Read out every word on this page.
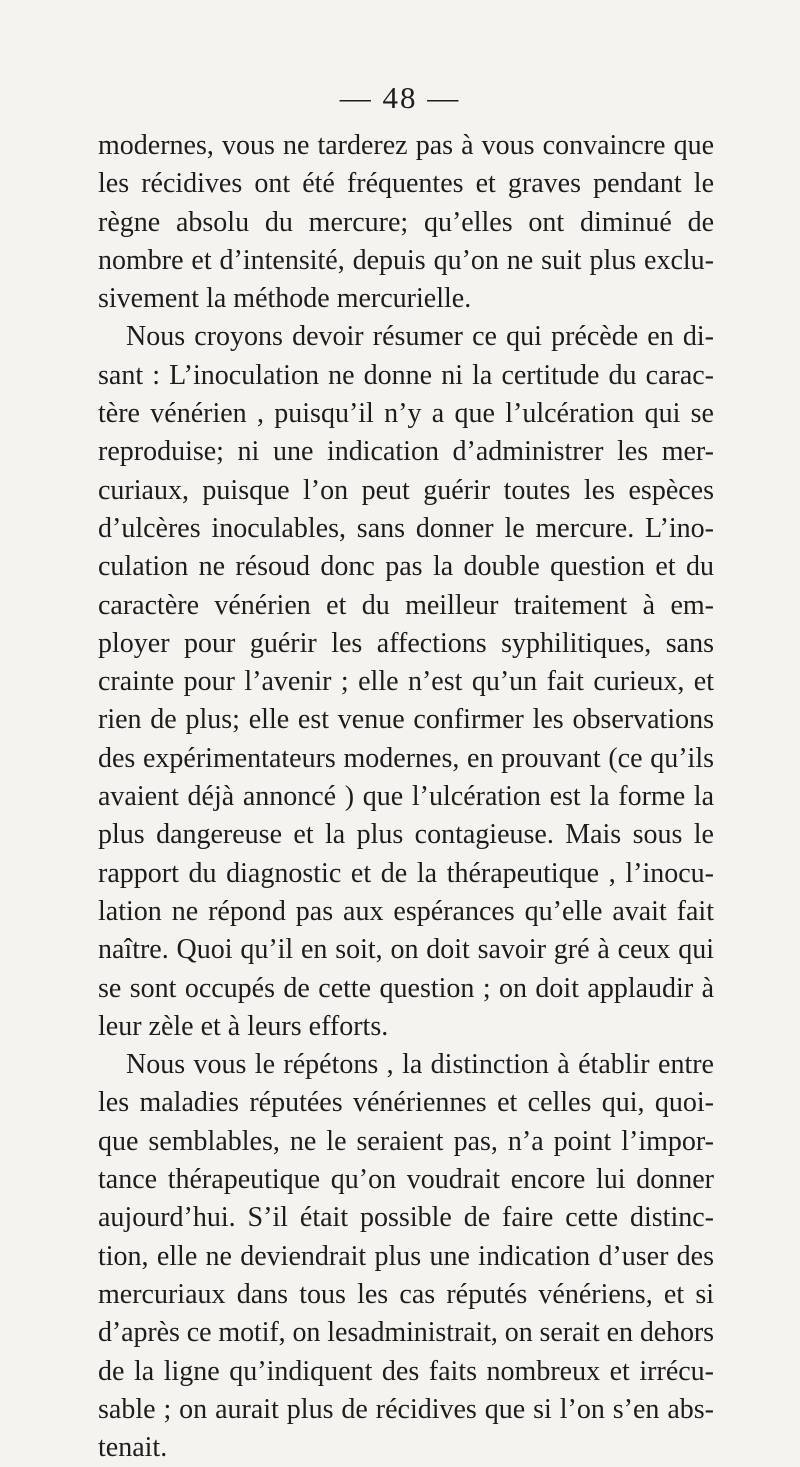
— 48 —
modernes, vous ne tarderez pas à vous convaincre que
les récidives ont été fréquentes et graves pendant le
règne absolu du mercure; qu’elles ont diminué de
nombre et d’intensité, depuis qu’on ne suit plus exclu-
sivement la méthode mercurielle.
Nous croyons devoir résumer ce qui précède en di-
sant : L’inoculation ne donne ni la certitude du carac-
tère vénérien , puisqu’il n’y a que l’ulcération qui se
reproduise; ni une indication d’administrer les mer-
curiaux, puisque l’on peut guérir toutes les espèces
d’ulcères inoculables, sans donner le mercure. L’ino-
culation ne résoud donc pas la double question et du
caractère vénérien et du meilleur traitement à em-
ployer pour guérir les affections syphilitiques, sans
crainte pour l’avenir ; elle n’est qu’un fait curieux, et
rien de plus; elle est venue confirmer les observations
des expérimentateurs modernes, en prouvant (ce qu’ils
avaient déjà annoncé ) que l’ulcération est la forme la
plus dangereuse et la plus contagieuse. Mais sous le
rapport du diagnostic et de la thérapeutique , l’inocu-
lation ne répond pas aux espérances qu’elle avait fait
naître. Quoi qu’il en soit, on doit savoir gré à ceux qui
se sont occupés de cette question ; on doit applaudir à
leur zèle et à leurs efforts.
Nous vous le répétons , la distinction à établir entre
les maladies réputées vénériennes et celles qui, quoi-
que semblables, ne le seraient pas, n’a point l’impor-
tance thérapeutique qu’on voudrait encore lui donner
aujourd’hui. S’il était possible de faire cette distinc-
tion, elle ne deviendrait plus une indication d’user des
mercuriaux dans tous les cas réputés vénériens, et si
d’après ce motif, on lesadministrait, on serait en dehors
de la ligne qu’indiquent des faits nombreux et irrécu-
sable ; on aurait plus de récidives que si l’on s’en abs-
tenait.
